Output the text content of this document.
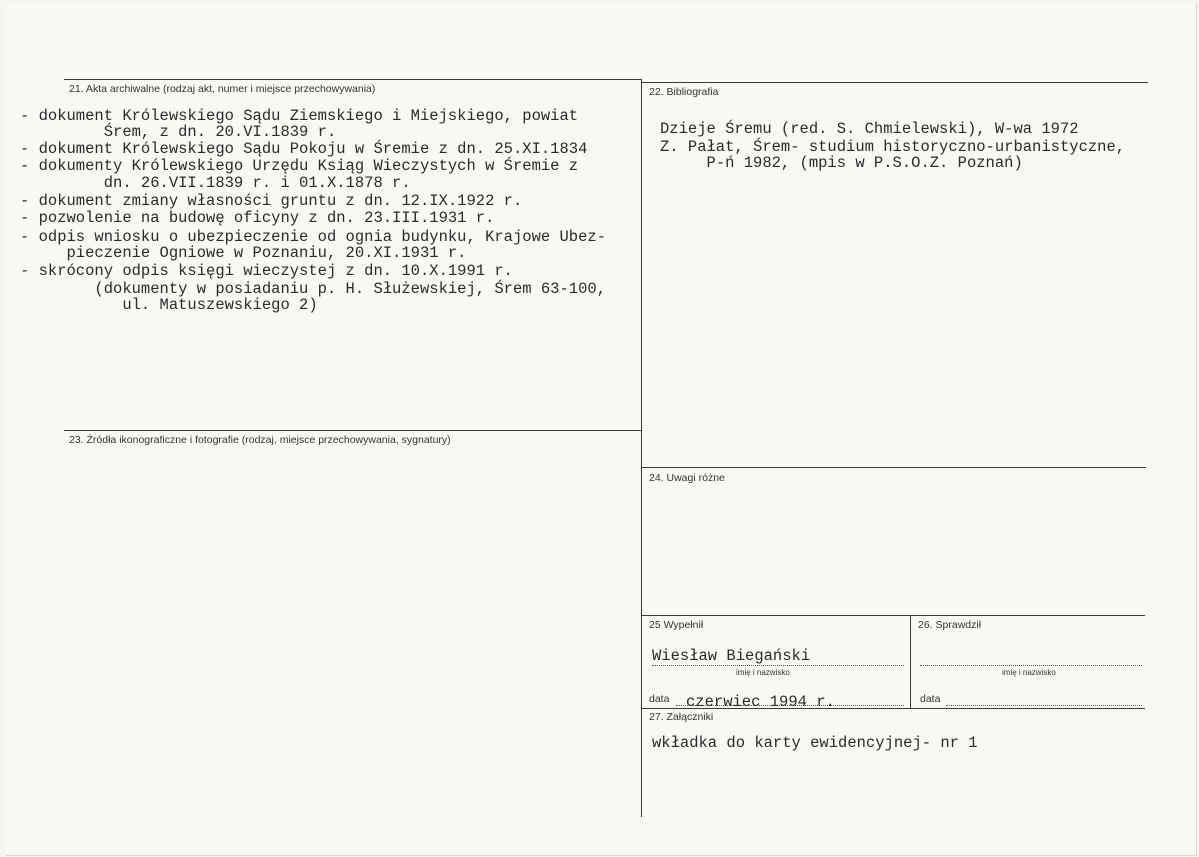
21. Akta archiwalne (rodzaj akt, numer i miejsce przechowywania)
- dokument Królewskiego Sądu Ziemskiego i Miejskiego, powiat
Śrem, z dn. 20.VI.1839 r.
- dokument Królewskiego Sądu Pokoju w Śremie z dn. 25.XI.1834
- dokumenty Królewskiego Urzędu Ksiąg Wieczystych w Śremie z
dn. 26.VII.1839 r. i 01.X.1878 r.
- dokument zmiany własności gruntu z dn. 12.IX.1922 r.
- pozwolenie na budowę oficyny z dn. 23.III.1931 r.
- odpis wniosku o ubezpieczenie od ognia budynku, Krajowe Ubez-
pieczenie Ogniowe w Poznaniu, 20.XI.1931 r.
- skrócony odpis księgi wieczystej z dn. 10.X.1991 r.
(dokumenty w posiadaniu p. H. Służewskiej, Śrem 63-100,
ul. Matuszewskiego 2)
22. Bibliografia
Dzieje Śremu (red. S. Chmielewski), W-wa 1972
Z. Pałat, Śrem- studium historyczno-urbanistyczne,
P-ń 1982, (mpis w P.S.O.Z. Poznań)
23. Źródła ikonograficzne i fotografie (rodzaj, miejsce przechowywania, sygnatury)
24. Uwagi różne
25 Wypełnił
Wiesław Biegański
imię i nazwisko
data czerwiec 1994 r.
26. Sprawdził
imię i nazwisko
data
27. Załączniki
wkładka do karty ewidencyjnej- nr 1
